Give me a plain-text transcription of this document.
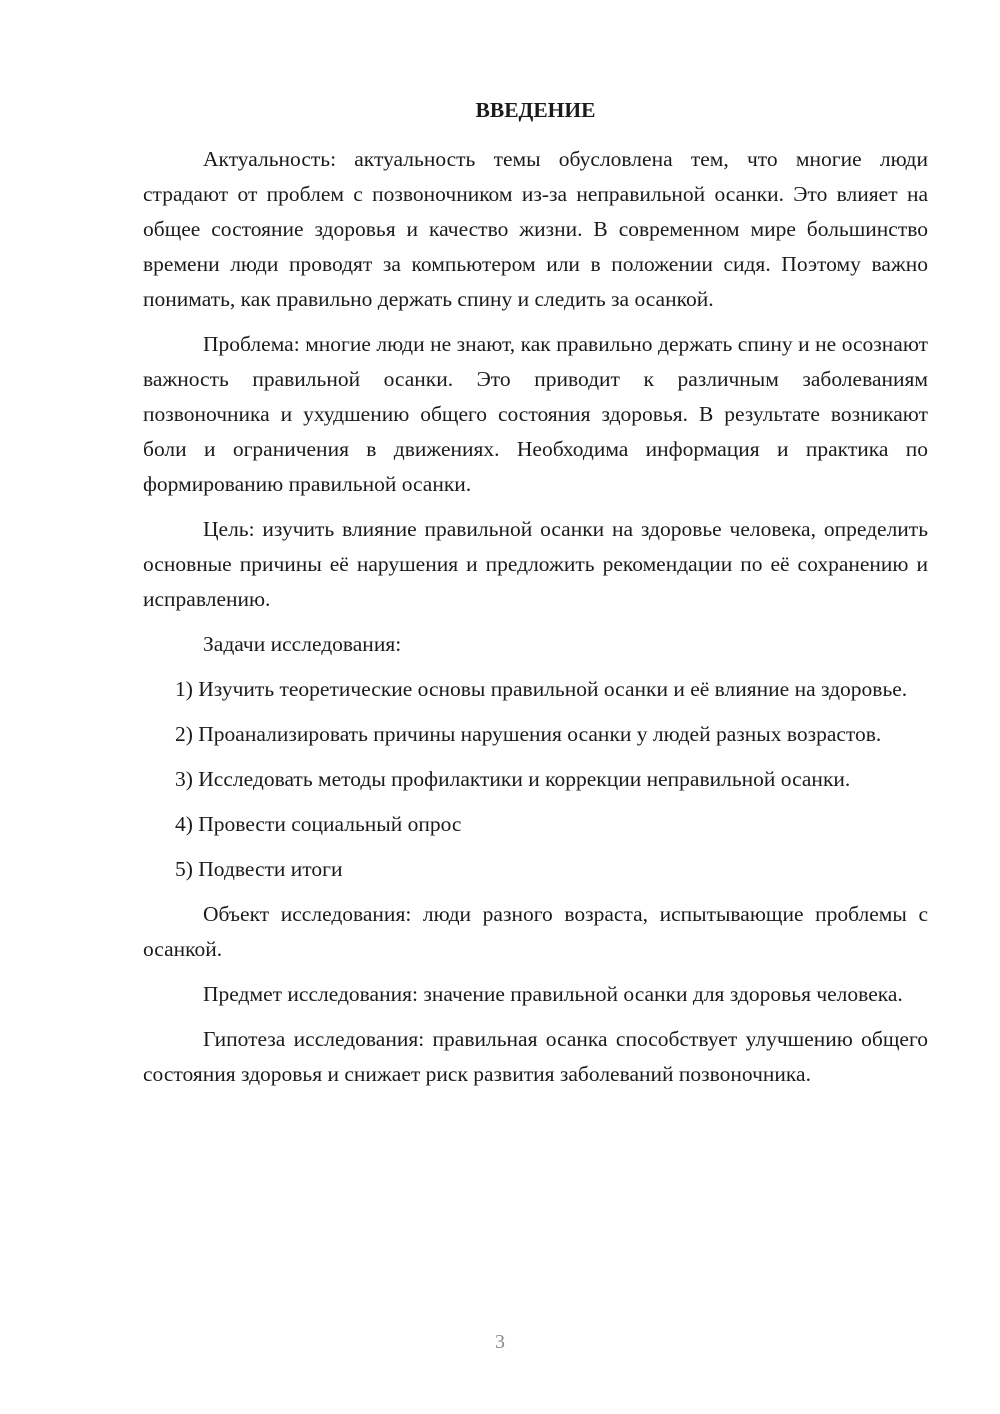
ВВЕДЕНИЕ

Актуальность: актуальность темы обусловлена тем, что многие люди страдают от проблем с позвоночником из-за неправильной осанки. Это влияет на общее состояние здоровья и качество жизни. В современном мире большинство времени люди проводят за компьютером или в положении сидя. Поэтому важно понимать, как правильно держать спину и следить за осанкой.

Проблема: многие люди не знают, как правильно держать спину и не осознают важность правильной осанки. Это приводит к различным заболеваниям позвоночника и ухудшению общего состояния здоровья. В результате возникают боли и ограничения в движениях. Необходима информация и практика по формированию правильной осанки.

Цель: изучить влияние правильной осанки на здоровье человека, определить основные причины её нарушения и предложить рекомендации по её сохранению и исправлению.

Задачи исследования:

1) Изучить теоретические основы правильной осанки и её влияние на здоровье.

2) Проанализировать причины нарушения осанки у людей разных возрастов.

3) Исследовать методы профилактики и коррекции неправильной осанки.

4) Провести социальный опрос

5) Подвести итоги

Объект исследования: люди разного возраста, испытывающие проблемы с осанкой.

Предмет исследования: значение правильной осанки для здоровья человека.

Гипотеза исследования: правильная осанка способствует улучшению общего состояния здоровья и снижает риск развития заболеваний позвоночника.

3
